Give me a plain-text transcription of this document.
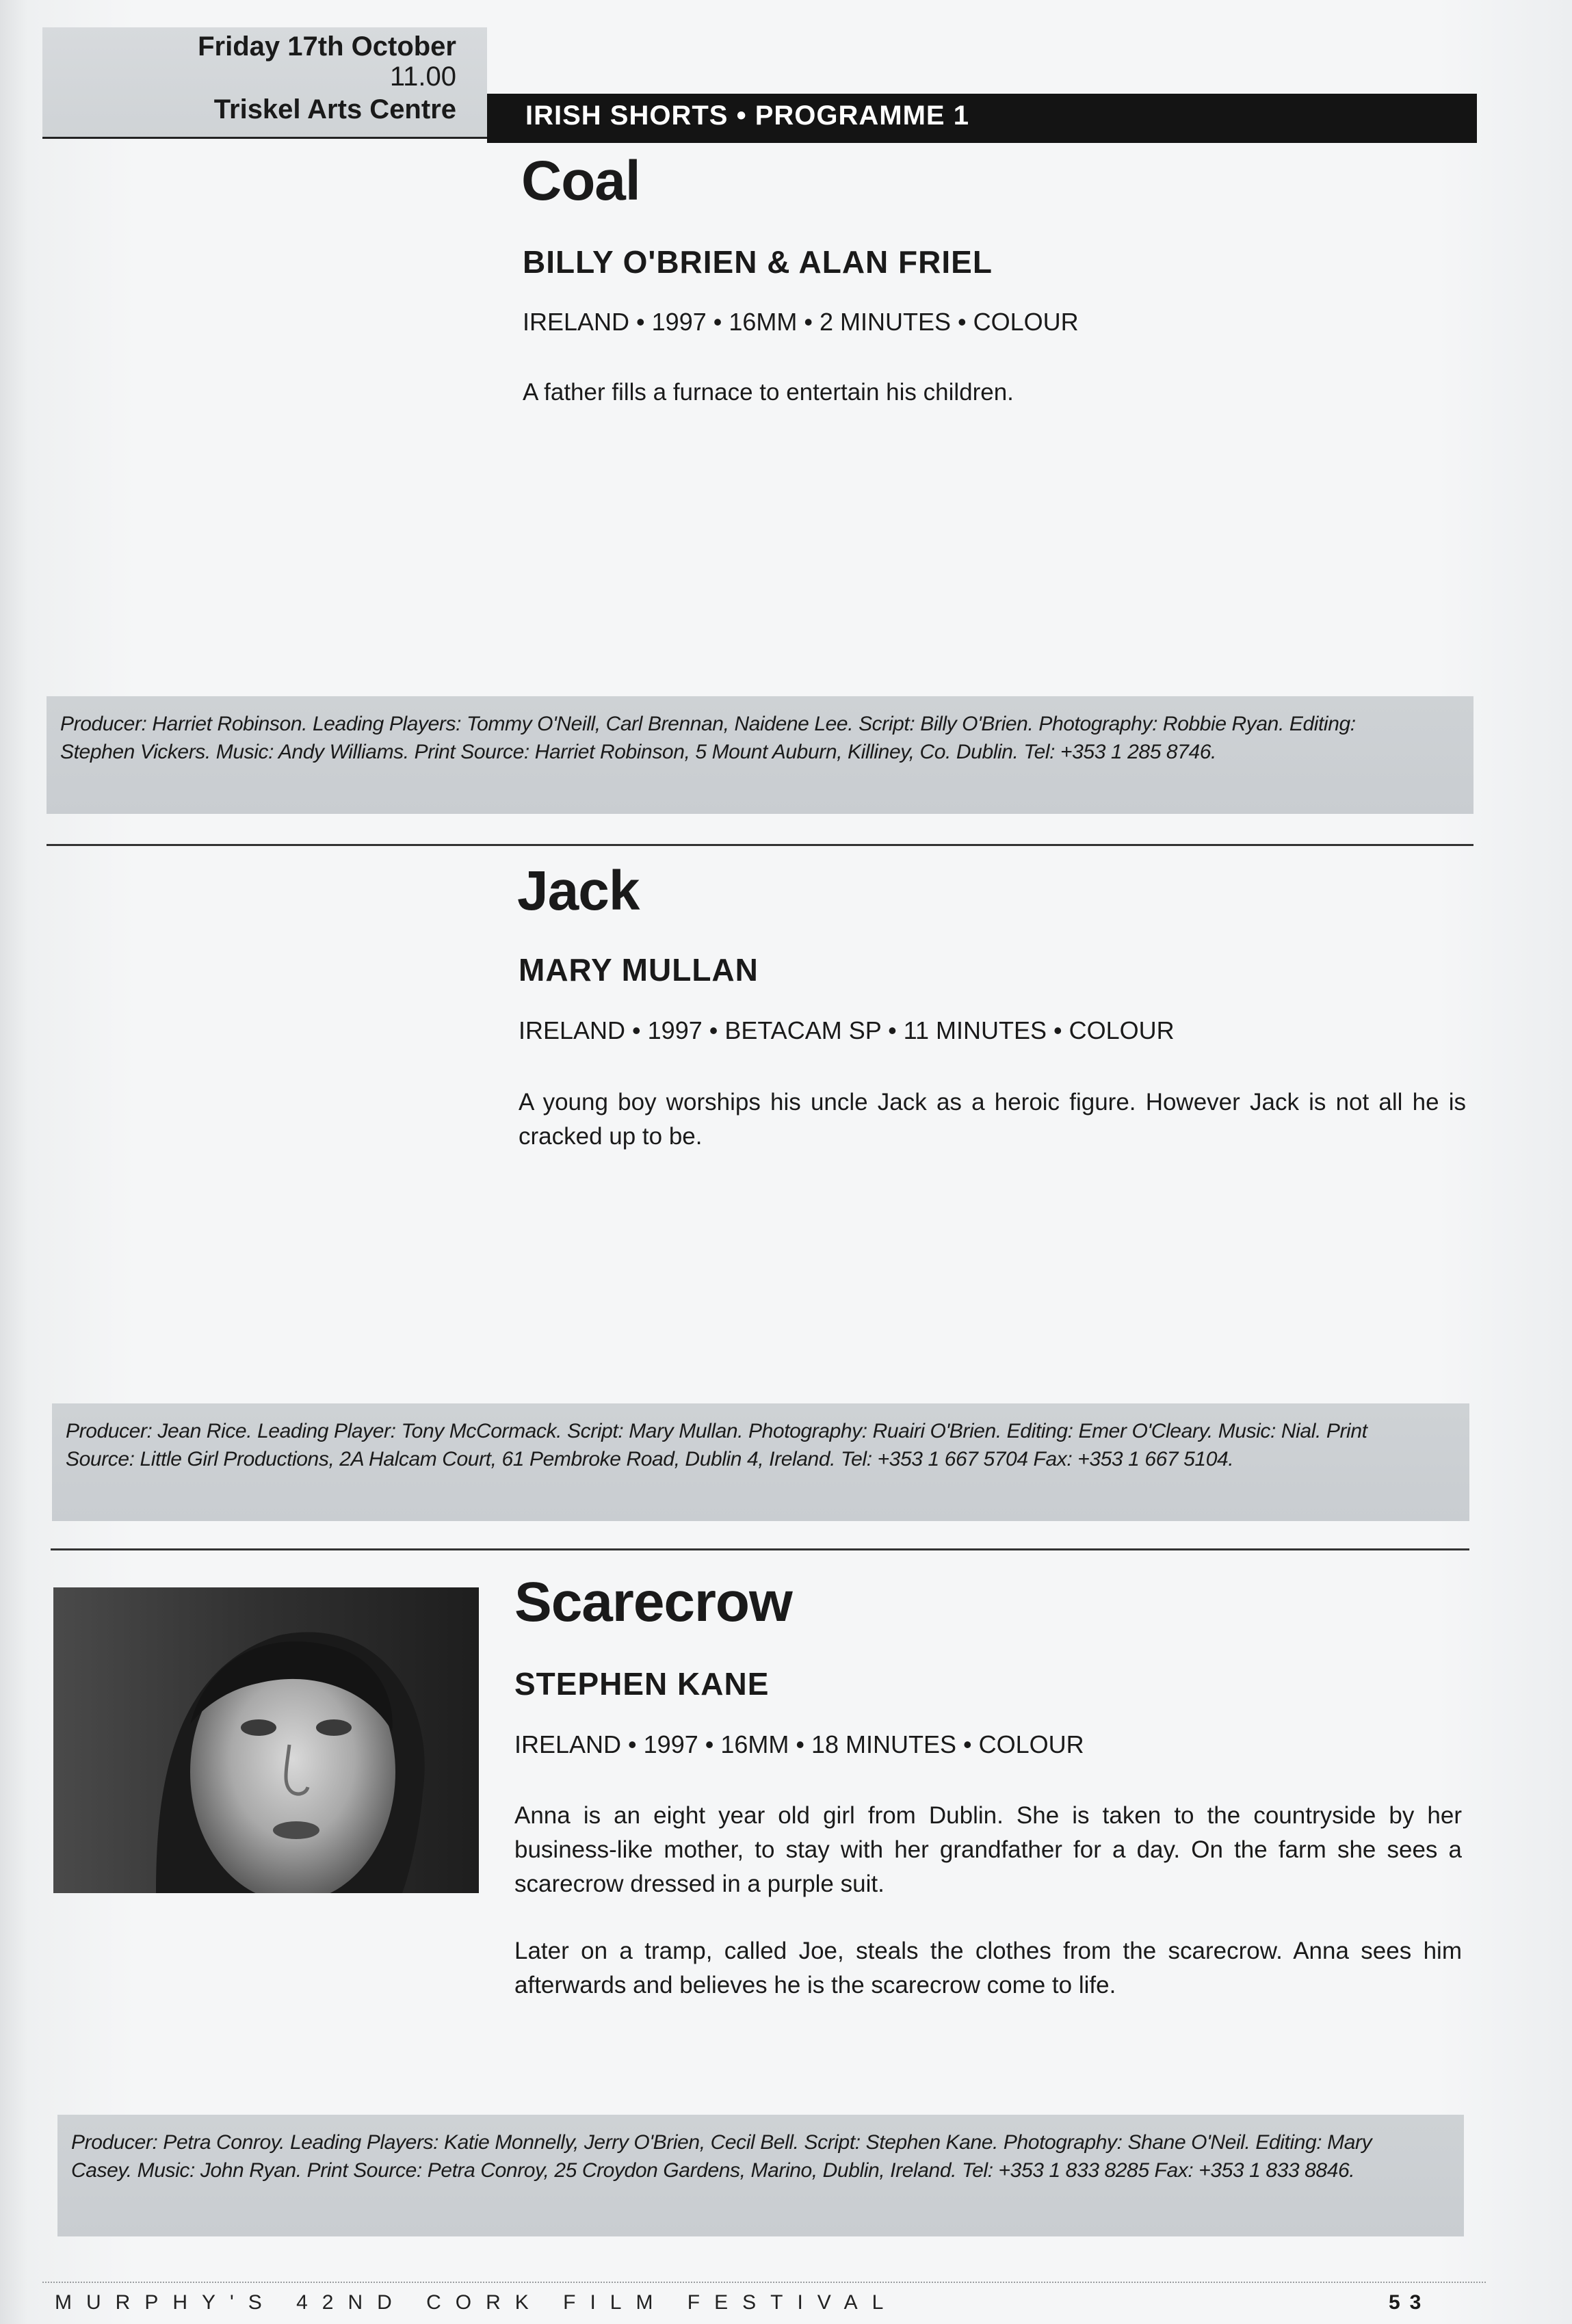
Friday 17th October
11.00
Triskel Arts Centre	IRISH SHORTS • PROGRAMME 1
Coal
BILLY O'BRIEN & ALAN FRIEL
IRELAND • 1997 • 16MM • 2 MINUTES • COLOUR

A father fills a furnace to entertain his children.

Producer: Harriet Robinson. Leading Players: Tommy O'Neill, Carl Brennan, Naidene Lee. Script: Billy O'Brien. Photography: Robbie Ryan. Editing: Stephen Vickers. Music: Andy Williams. Print Source: Harriet Robinson, 5 Mount Auburn, Killiney, Co. Dublin. Tel: +353 1 285 8746.

Jack
MARY MULLAN
IRELAND • 1997 • BETACAM SP • 11 MINUTES • COLOUR

A young boy worships his uncle Jack as a heroic figure. However Jack is not all he is cracked up to be.

Producer: Jean Rice. Leading Player: Tony McCormack. Script: Mary Mullan. Photography: Ruairi O'Brien. Editing: Emer O'Cleary. Music: Nial. Print Source: Little Girl Productions, 2A Halcam Court, 61 Pembroke Road, Dublin 4, Ireland. Tel: +353 1 667 5704 Fax: +353 1 667 5104.

Scarecrow
STEPHEN KANE
IRELAND • 1997 • 16MM • 18 MINUTES • COLOUR

Anna is an eight year old girl from Dublin. She is taken to the countryside by her business-like mother, to stay with her grandfather for a day. On the farm she sees a scarecrow dressed in a purple suit.

Later on a tramp, called Joe, steals the clothes from the scarecrow. Anna sees him afterwards and believes he is the scarecrow come to life.

Producer: Petra Conroy. Leading Players: Katie Monnelly, Jerry O'Brien, Cecil Bell. Script: Stephen Kane. Photography: Shane O'Neil. Editing: Mary Casey. Music: John Ryan. Print Source: Petra Conroy, 25 Croydon Gardens, Marino, Dublin, Ireland. Tel: +353 1 833 8285 Fax: +353 1 833 8846.

MURPHY'S 42ND CORK FILM FESTIVAL	53
